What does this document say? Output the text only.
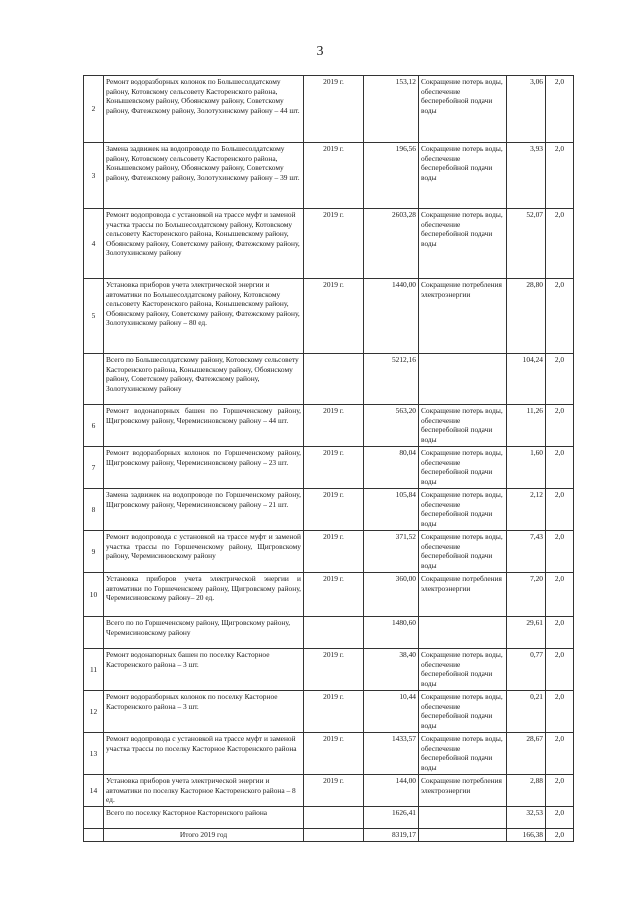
3
2	Ремонт водоразборных колонок по Большесолдатскому району, Котовскому сельсовету Касторенского района, Конышевскому району, Обоянскому району, Советскому району, Фатежскому району, Золотухинскому району – 44 шт.	2019 г.	153,12	Сокращение потерь воды, обеспечение бесперебойной подачи воды	3,06	2,0
3	Замена задвижек на водопроводе по Большесолдатскому району, Котовскому сельсовету Касторенского района, Конышевскому району, Обоянскому району, Советскому району, Фатежскому району, Золотухинскому району – 39 шт.	2019 г.	196,56	Сокращение потерь воды, обеспечение бесперебойной подачи воды	3,93	2,0
4	Ремонт водопровода с установкой на трассе муфт и заменой участка трассы по Большесолдатскому району, Котовскому сельсовету Касторенского района, Конышевскому району, Обоянскому району, Советскому району, Фатежскому району, Золотухинскому району	2019 г.	2603,28	Сокращение потерь воды, обеспечение бесперебойной подачи воды	52,07	2,0
5	Установка приборов учета электрической энергии и автоматики по Большесолдатскому району, Котовскому сельсовету Касторенского района, Конышевскому району, Обоянскому району, Советскому району, Фатежскому району, Золотухинскому району – 80 ед.	2019 г.	1440,00	Сокращение потребления электроэнергии	28,80	2,0
	Всего по Большесолдатскому району, Котовскому сельсовету Касторенского района, Конышевскому району, Обоянскому району, Советскому району, Фатежскому району, Золотухинскому району		5212,16		104,24	2,0
6	Ремонт водонапорных башен по Горшеченскому району, Щигровскому району, Черемисиновскому району – 44 шт.	2019 г.	563,20	Сокращение потерь воды, обеспечение бесперебойной подачи воды	11,26	2,0
7	Ремонт водоразборных колонок по Горшеченскому району, Щигровскому району, Черемисиновскому району – 23 шт.	2019 г.	80,04	Сокращение потерь воды, обеспечение бесперебойной подачи воды	1,60	2,0
8	Замена задвижек на водопроводе по Горшеченскому району, Щигровскому району, Черемисиновскому району – 21 шт.	2019 г.	105,84	Сокращение потерь воды, обеспечение бесперебойной подачи воды	2,12	2,0
9	Ремонт водопровода с установкой на трассе муфт и заменой участка трассы по Горшеченскому району, Щигровскому району, Черемисиновскому району	2019 г.	371,52	Сокращение потерь воды, обеспечение бесперебойной подачи воды	7,43	2,0
10	Установка приборов учета электрической энергии и автоматики по Горшеченскому району, Щигровскому району, Черемисиновскому району– 20 ед.	2019 г.	360,00	Сокращение потребления электроэнергии	7,20	2,0
	Всего по по Горшеченскому району, Щигровскому району, Черемисиновскому району		1480,60		29,61	2,0
11	Ремонт водонапорных башен по поселку Касторное Касторенского района – 3 шт.	2019 г.	38,40	Сокращение потерь воды, обеспечение бесперебойной подачи воды	0,77	2,0
12	Ремонт водоразборных колонок по поселку Касторное Касторенского района – 3 шт.	2019 г.	10,44	Сокращение потерь воды, обеспечение бесперебойной подачи воды	0,21	2,0
13	Ремонт водопровода с установкой на трассе муфт и заменой участка трассы по поселку Касторное Касторенского района	2019 г.	1433,57	Сокращение потерь воды, обеспечение бесперебойной подачи воды	28,67	2,0
14	Установка приборов учета электрической энергии и автоматики по поселку Касторное Касторенского района – 8 ед.	2019 г.	144,00	Сокращение потребления электроэнергии	2,88	2,0
	Всего по поселку Касторное Касторенского района		1626,41		32,53	2,0
	Итого 2019 год		8319,17		166,38	2,0
